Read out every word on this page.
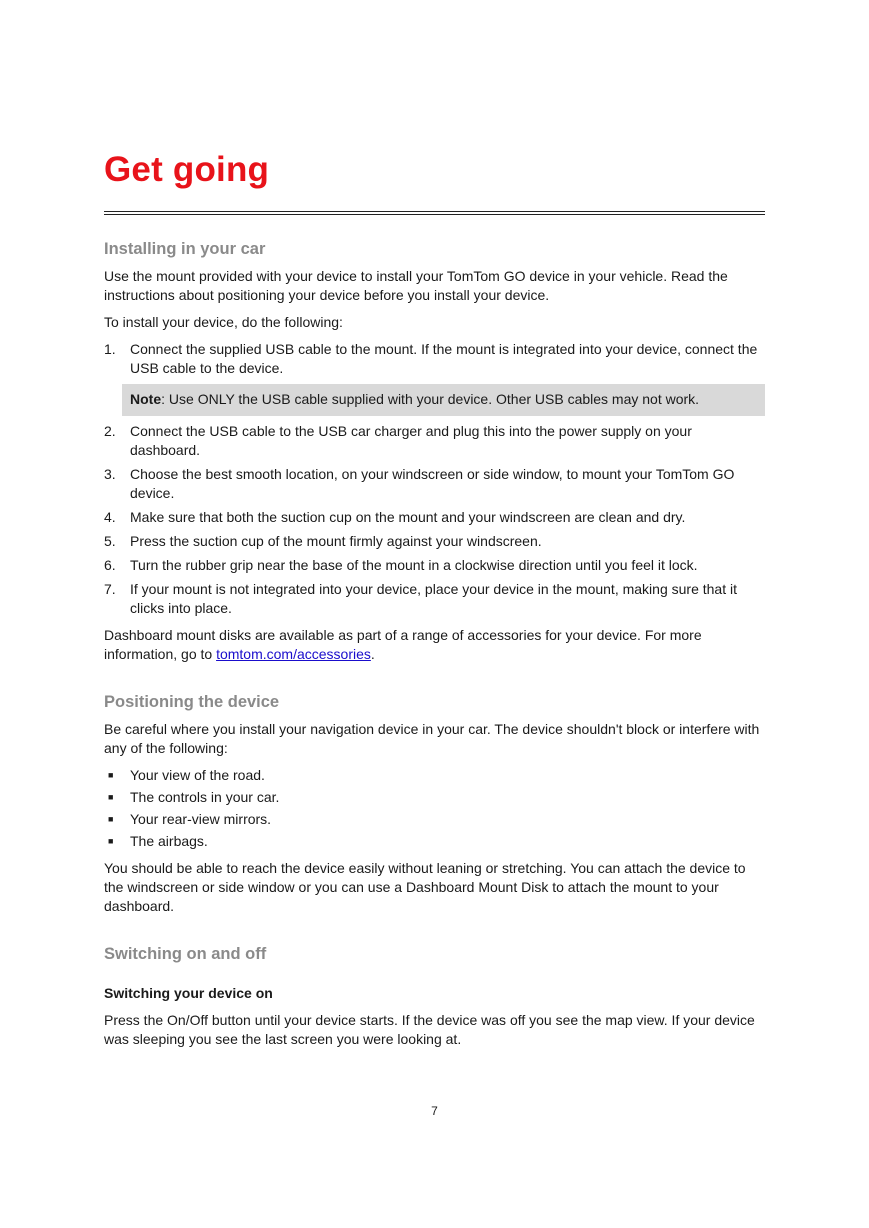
Get going
Installing in your car

Use the mount provided with your device to install your TomTom GO device in your vehicle. Read the instructions about positioning your device before you install your device.

To install your device, do the following:

1. Connect the supplied USB cable to the mount. If the mount is integrated into your device, connect the USB cable to the device.
Note: Use ONLY the USB cable supplied with your device. Other USB cables may not work.
2. Connect the USB cable to the USB car charger and plug this into the power supply on your dashboard.
3. Choose the best smooth location, on your windscreen or side window, to mount your TomTom GO device.
4. Make sure that both the suction cup on the mount and your windscreen are clean and dry.
5. Press the suction cup of the mount firmly against your windscreen.
6. Turn the rubber grip near the base of the mount in a clockwise direction until you feel it lock.
7. If your mount is not integrated into your device, place your device in the mount, making sure that it clicks into place.

Dashboard mount disks are available as part of a range of accessories for your device. For more information, go to tomtom.com/accessories.

Positioning the device

Be careful where you install your navigation device in your car. The device shouldn't block or interfere with any of the following:

■ Your view of the road.
■ The controls in your car.
■ Your rear-view mirrors.
■ The airbags.

You should be able to reach the device easily without leaning or stretching. You can attach the device to the windscreen or side window or you can use a Dashboard Mount Disk to attach the mount to your dashboard.

Switching on and off
Switching your device on

Press the On/Off button until your device starts. If the device was off you see the map view. If your device was sleeping you see the last screen you were looking at.

7
